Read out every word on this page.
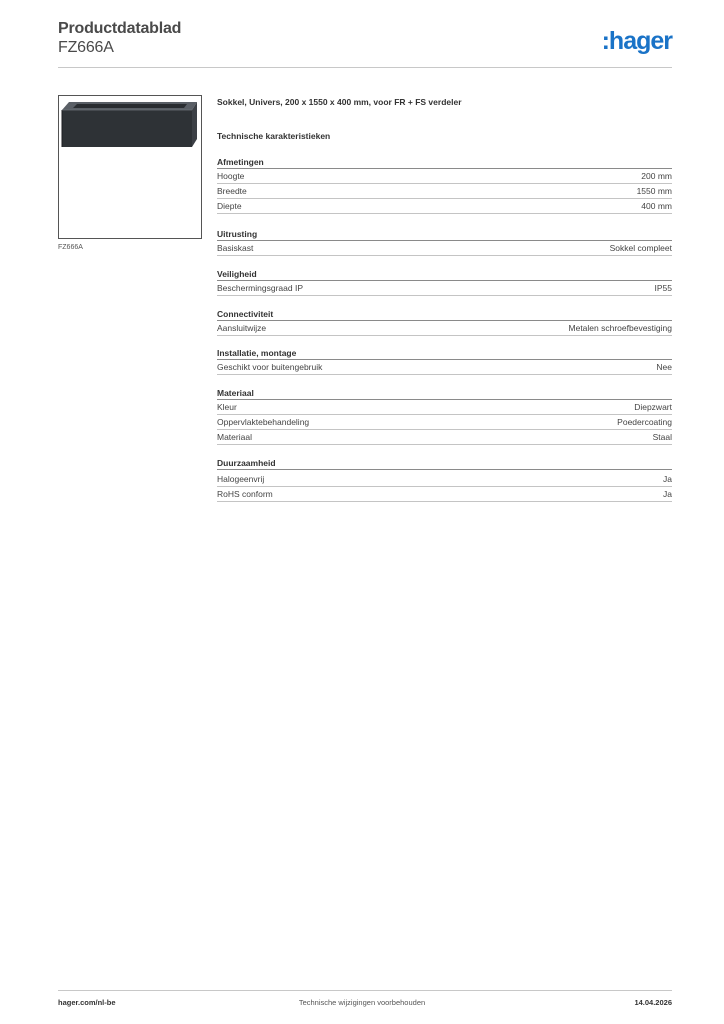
Productdatablad
FZ666A	:hager
FZ666A
Sokkel, Univers, 200 x 1550 x 400 mm, voor FR + FS verdeler
Technische karakteristieken
Afmetingen
Hoogte	200 mm
Breedte	1550 mm
Diepte	400 mm
Uitrusting
Basiskast	Sokkel compleet
Veiligheid
Beschermingsgraad IP	IP55
Connectiviteit
Aansluitwijze	Metalen schroefbevestiging
Installatie, montage
Geschikt voor buitengebruik	Nee
Materiaal
Kleur	Diepzwart
Oppervlaktebehandeling	Poedercoating
Materiaal	Staal
Duurzaamheid
Halogeenvrij	Ja
RoHS conform	Ja
hager.com/nl-be	Technische wijzigingen voorbehouden	14.04.2026
